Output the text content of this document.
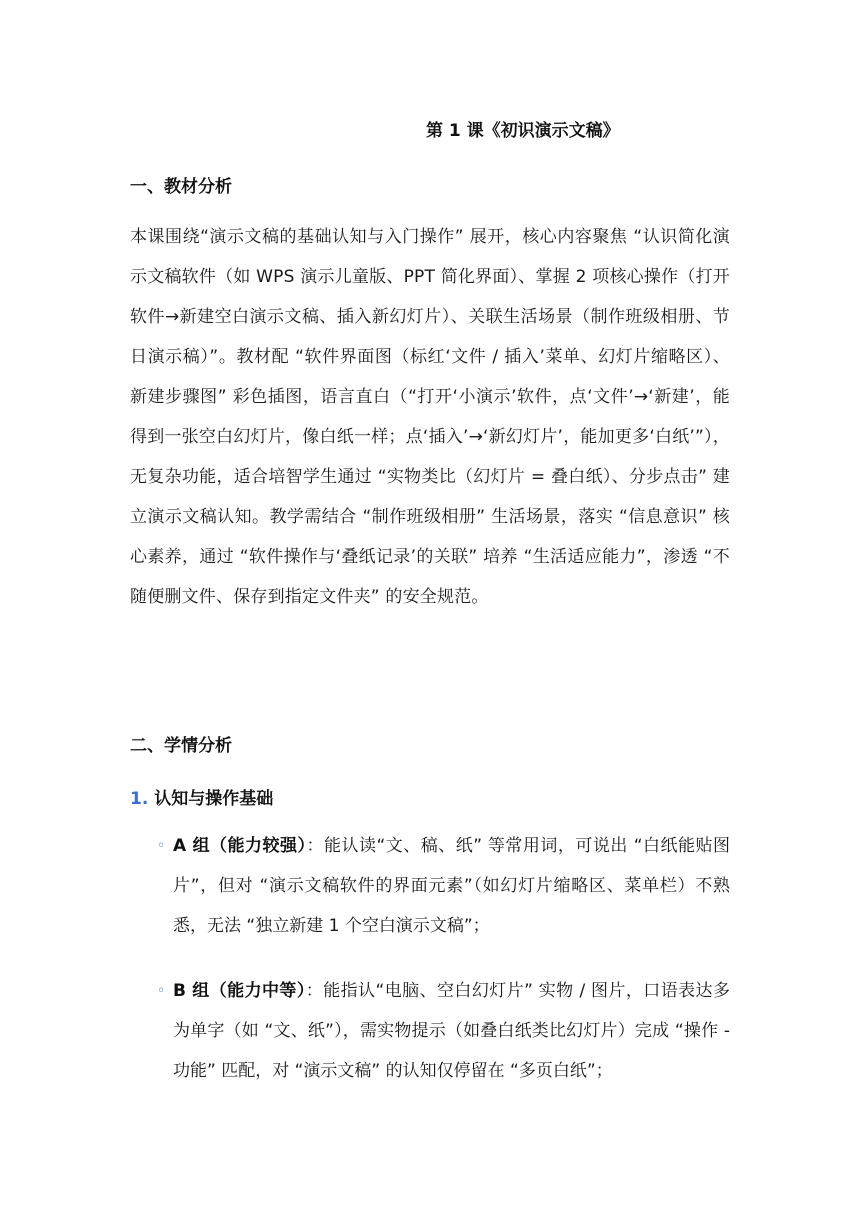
第 1 课《初识演示文稿》
一、教材分析
本课围绕“演示文稿的基础认知与入门操作” 展开，核心内容聚焦 “认识简化演示文稿软件（如 WPS 演示儿童版、PPT 简化界面）、掌握 2 项核心操作（打开软件→新建空白演示文稿、插入新幻灯片）、关联生活场景（制作班级相册、节日演示稿）”。教材配 “软件界面图（标红‘文件 / 插入’菜单、幻灯片缩略区）、新建步骤图” 彩色插图，语言直白（“打开‘小演示’软件，点‘文件’→‘新建’，能得到一张空白幻灯片，像白纸一样；点‘插入’→‘新幻灯片’，能加更多‘白纸’”），无复杂功能，适合培智学生通过 “实物类比（幻灯片 = 叠白纸）、分步点击” 建立演示文稿认知。教学需结合 “制作班级相册” 生活场景，落实 “信息意识” 核心素养，通过 “软件操作与‘叠纸记录’的关联” 培养 “生活适应能力”，渗透 “不随便删文件、保存到指定文件夹” 的安全规范。
二、学情分析
1. 认知与操作基础
◦ A 组（能力较强）：能认读“文、稿、纸” 等常用词，可说出 “白纸能贴图片”，但对 “演示文稿软件的界面元素”（如幻灯片缩略区、菜单栏）不熟悉，无法 “独立新建 1 个空白演示文稿”；
◦ B 组（能力中等）：能指认“电脑、空白幻灯片” 实物 / 图片，口语表达多为单字（如 “文、纸”），需实物提示（如叠白纸类比幻灯片）完成 “操作 - 功能” 匹配，对 “演示文稿” 的认知仅停留在 “多页白纸”；
